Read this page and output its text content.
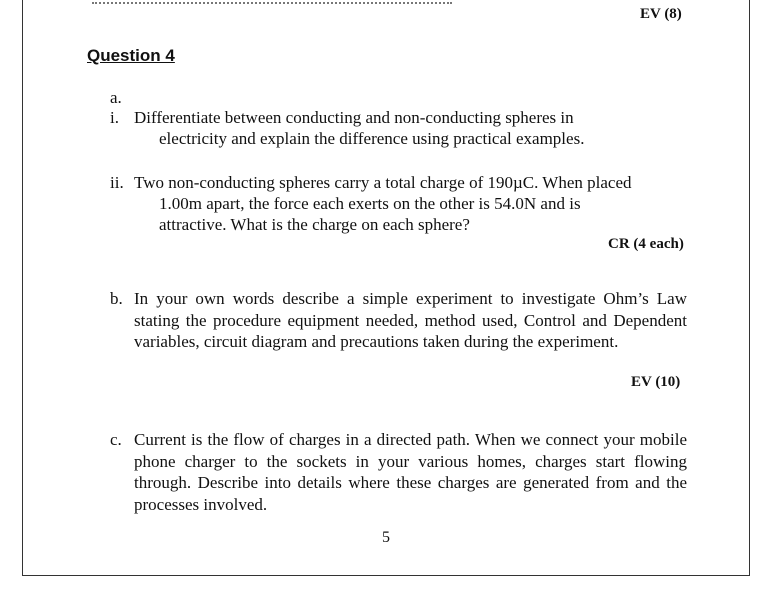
EV (8)
Question 4
a.
i. Differentiate between conducting and non-conducting spheres in
electricity and explain the difference using practical examples.
ii. Two non-conducting spheres carry a total charge of 190µC. When placed
1.00m apart, the force each exerts on the other is 54.0N and is
attractive. What is the charge on each sphere?
CR (4 each)
b. In your own words describe a simple experiment to investigate Ohm’s Law stating the procedure equipment needed, method used, Control and Dependent variables, circuit diagram and precautions taken during the experiment.
EV (10)
c. Current is the flow of charges in a directed path. When we connect your mobile phone charger to the sockets in your various homes, charges start flowing through. Describe into details where these charges are generated from and the processes involved.
5
